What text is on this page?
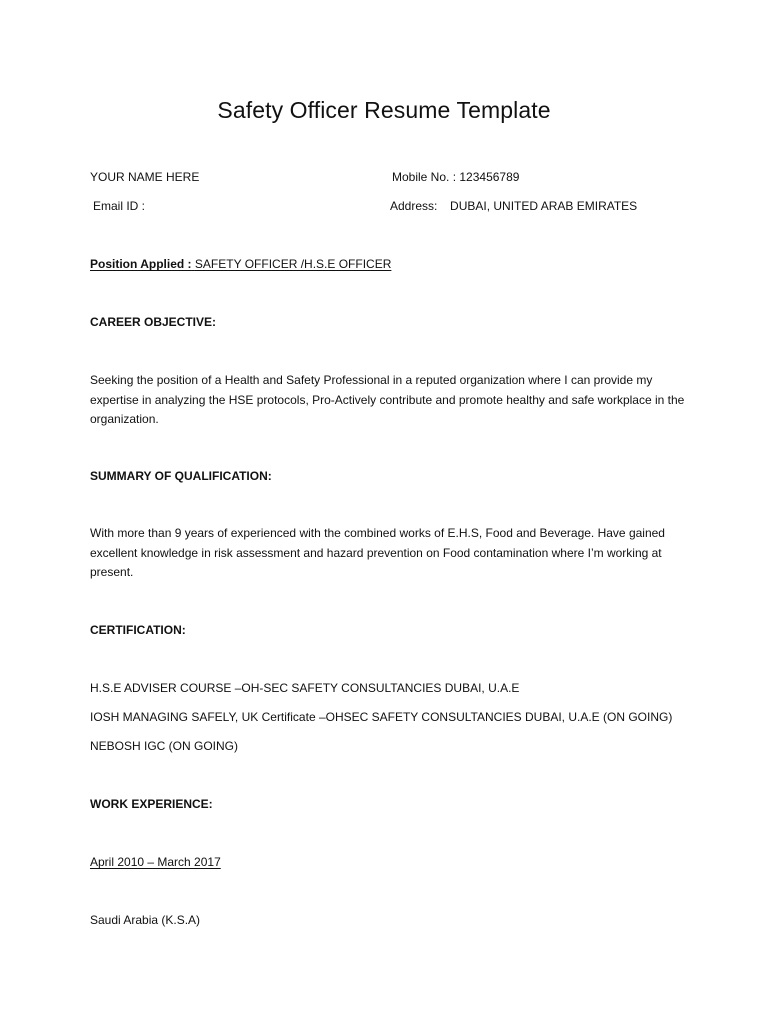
Safety Officer Resume Template
YOUR NAME HERE	Mobile No. : 123456789
Email ID :	Address: DUBAI, UNITED ARAB EMIRATES
Position Applied : SAFETY OFFICER /H.S.E OFFICER
CAREER OBJECTIVE:
Seeking the position of a Health and Safety Professional in a reputed organization where I can provide my expertise in analyzing the HSE protocols, Pro-Actively contribute and promote healthy and safe workplace in the organization.
SUMMARY OF QUALIFICATION:
With more than 9 years of experienced with the combined works of E.H.S, Food and Beverage. Have gained excellent knowledge in risk assessment and hazard prevention on Food contamination where I’m working at present.
CERTIFICATION:
H.S.E ADVISER COURSE –OH-SEC SAFETY CONSULTANCIES DUBAI, U.A.E
IOSH MANAGING SAFELY, UK Certificate –OHSEC SAFETY CONSULTANCIES DUBAI, U.A.E (ON GOING)
NEBOSH IGC (ON GOING)
WORK EXPERIENCE:
April 2010 – March 2017
Saudi Arabia (K.S.A)
